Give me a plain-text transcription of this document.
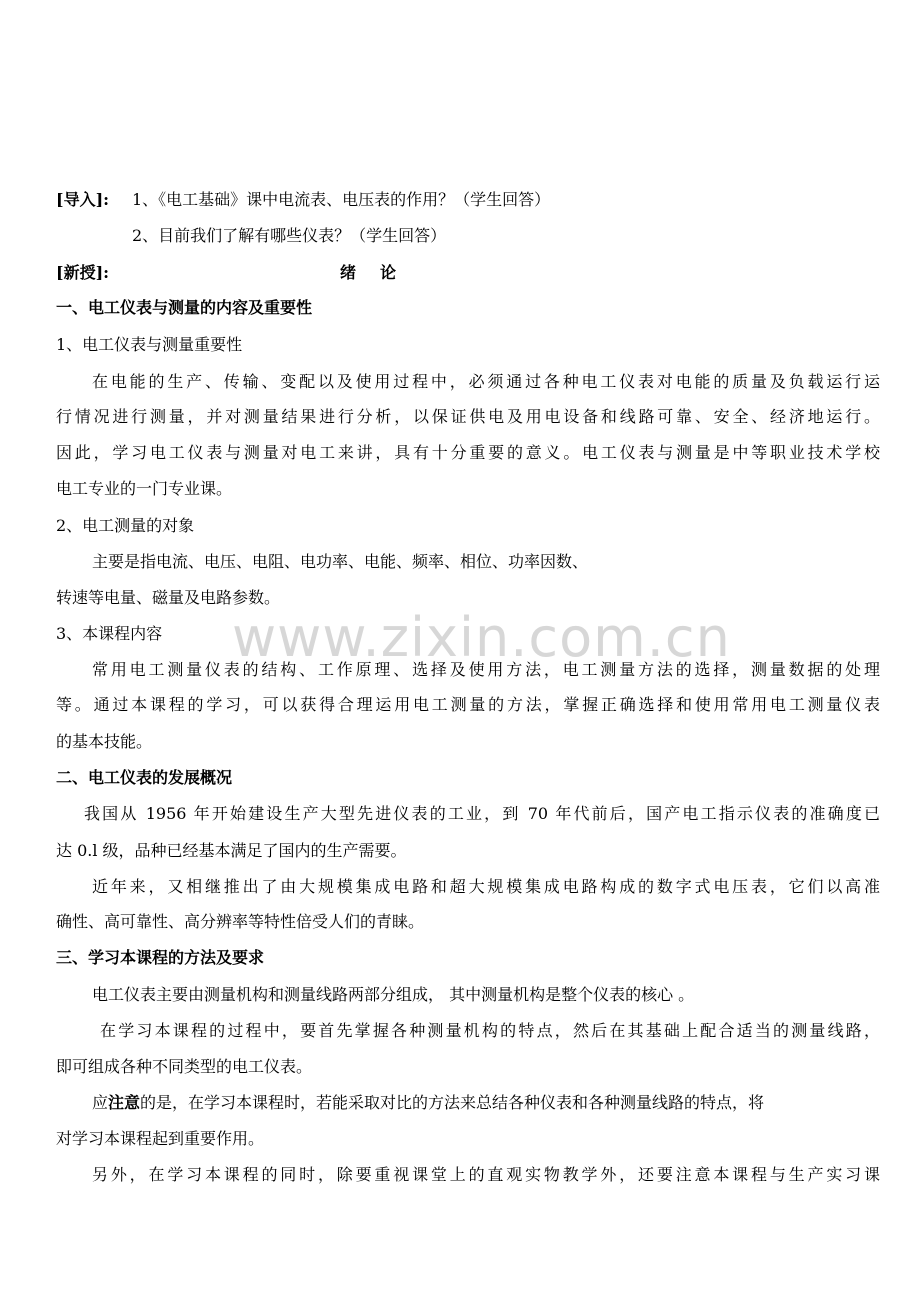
www.zixin.com.cn
[导入]: 1、《电工基础》课中电流表、电压表的作用？（学生回答）
2、目前我们了解有哪些仪表？（学生回答）
[新授]:	绪　论
一、电工仪表与测量的内容及重要性
1、电工仪表与测量重要性
在电能的生产、传输、变配以及使用过程中，必须通过各种电工仪表对电能的质量及负载运行运
行情况进行测量，并对测量结果进行分析，以保证供电及用电设备和线路可靠、安全、经济地运行。
因此，学习电工仪表与测量对电工来讲，具有十分重要的意义。电工仪表与测量是中等职业技术学校
电工专业的一门专业课。
2、电工测量的对象
主要是指电流、电压、电阻、电功率、电能、频率、相位、功率因数、
转速等电量、磁量及电路参数。
3、本课程内容
常用电工测量仪表的结构、工作原理、选择及使用方法，电工测量方法的选择，测量数据的处理
等。通过本课程的学习，可以获得合理运用电工测量的方法，掌握正确选择和使用常用电工测量仪表
的基本技能。
二、电工仪表的发展概况
我国从 1956 年开始建设生产大型先进仪表的工业，到 70 年代前后，国产电工指示仪表的准确度已
达 0.l 级，品种已经基本满足了国内的生产需要。
近年来，又相继推出了由大规模集成电路和超大规模集成电路构成的数字式电压表，它们以高准
确性、高可靠性、高分辨率等特性倍受人们的青睐。
三、学习本课程的方法及要求
电工仪表主要由测量机构和测量线路两部分组成， 其中测量机构是整个仪表的核心 。
在学习本课程的过程中，要首先掌握各种测量机构的特点，然后在其基础上配合适当的测量线路，
即可组成各种不同类型的电工仪表。
应注意的是，在学习本课程时，若能采取对比的方法来总结各种仪表和各种测量线路的特点，将
对学习本课程起到重要作用。
另外，在学习本课程的同时，除要重视课堂上的直观实物教学外，还要注意本课程与生产实习课
